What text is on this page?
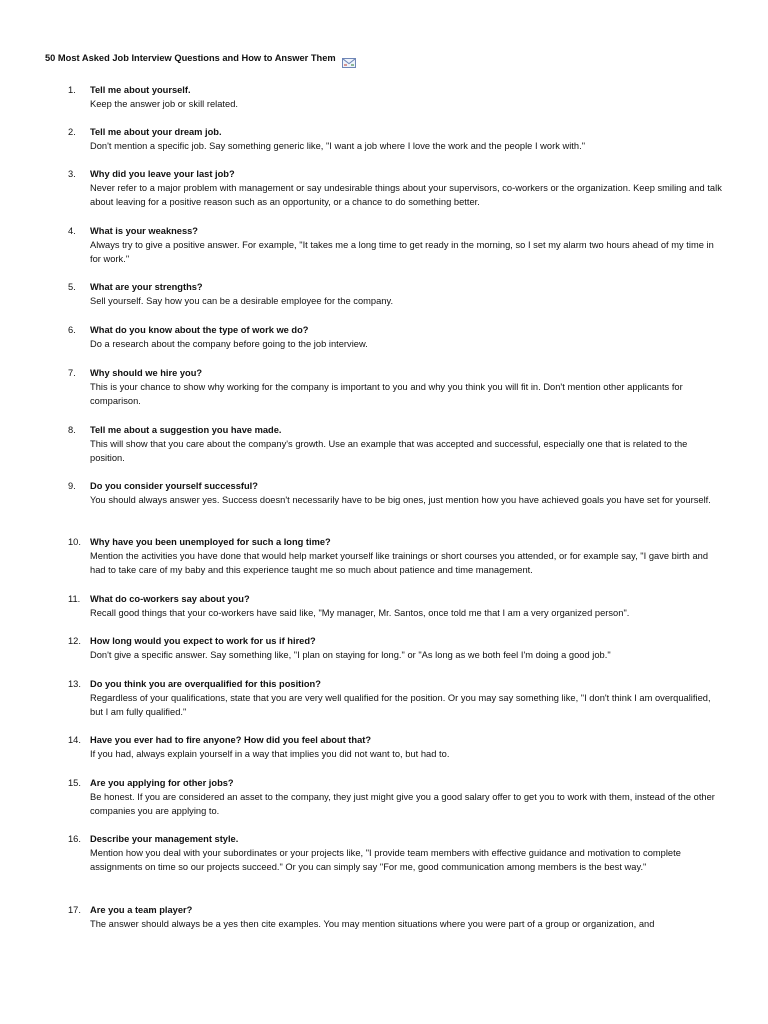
50 Most Asked Job Interview Questions and How to Answer Them
1. Tell me about yourself.
Keep the answer job or skill related.
2. Tell me about your dream job.
Don't mention a specific job. Say something generic like, "I want a job where I love the work and the people I work with."
3. Why did you leave your last job?
Never refer to a major problem with management or say undesirable things about your supervisors, co-workers or the organization. Keep smiling and talk about leaving for a positive reason such as an opportunity, or a chance to do something better.
4. What is your weakness?
Always try to give a positive answer. For example, "It takes me a long time to get ready in the morning, so I set my alarm two hours ahead of my time in for work."
5. What are your strengths?
Sell yourself. Say how you can be a desirable employee for the company.
6. What do you know about the type of work we do?
Do a research about the company before going to the job interview.
7. Why should we hire you?
This is your chance to show why working for the company is important to you and why you think you will fit in. Don't mention other applicants for comparison.
8. Tell me about a suggestion you have made.
This will show that you care about the company's growth. Use an example that was accepted and successful, especially one that is related to the position.
9. Do you consider yourself successful?
You should always answer yes. Success doesn't necessarily have to be big ones, just mention how you have achieved goals you have set for yourself.
10. Why have you been unemployed for such a long time?
Mention the activities you have done that would help market yourself like trainings or short courses you attended, or for example say, "I gave birth and had to take care of my baby and this experience taught me so much about patience and time management.
11. What do co-workers say about you?
Recall good things that your co-workers have said like, "My manager, Mr. Santos, once told me that I am a very organized person".
12. How long would you expect to work for us if hired?
Don't give a specific answer. Say something like, "I plan on staying for long." or "As long as we both feel I'm doing a good job."
13. Do you think you are overqualified for this position?
Regardless of your qualifications, state that you are very well qualified for the position. Or you may say something like, "I don't think I am overqualified, but I am fully qualified."
14. Have you ever had to fire anyone? How did you feel about that?
If you had, always explain yourself in a way that implies you did not want to, but had to.
15. Are you applying for other jobs?
Be honest. If you are considered an asset to the company, they just might give you a good salary offer to get you to work with them, instead of the other companies you are applying to.
16. Describe your management style.
Mention how you deal with your subordinates or your projects like, "I provide team members with effective guidance and motivation to complete assignments on time so our projects succeed." Or you can simply say "For me, good communication among members is the best way."
17. Are you a team player?
The answer should always be a yes then cite examples. You may mention situations where you were part of a group or organization, and
